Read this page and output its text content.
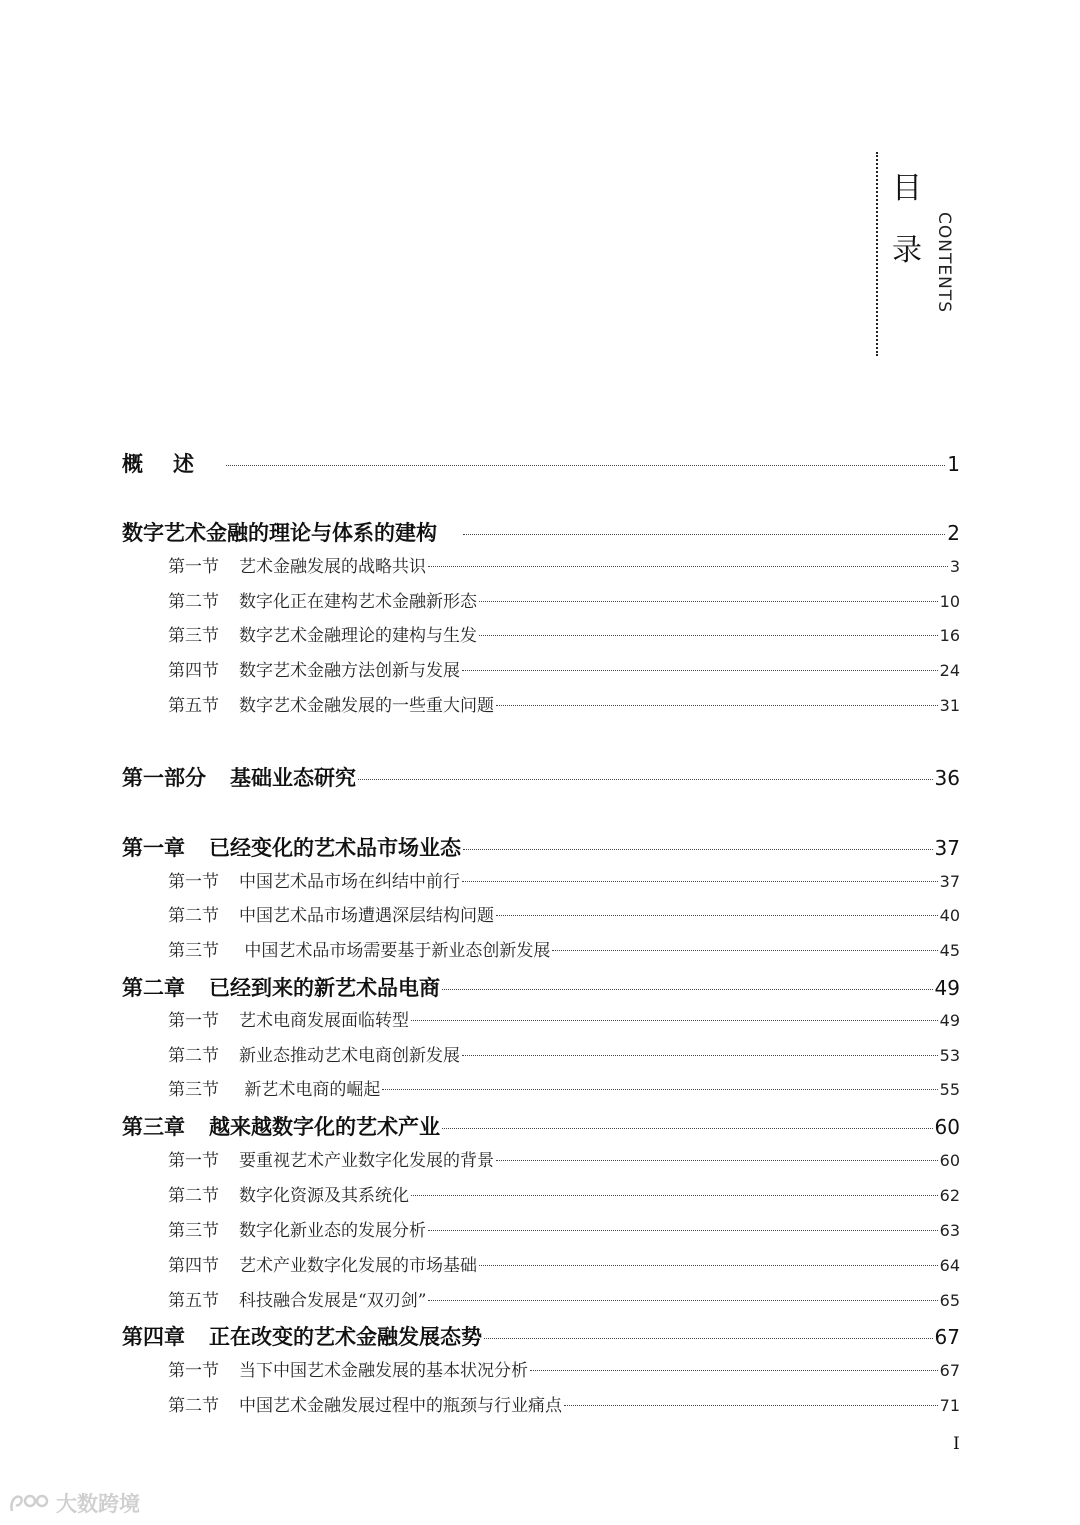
目
录 CONTENTS
概述	1
数字艺术金融的理论与体系的建构	2
第一节 艺术金融发展的战略共识	3
第二节 数字化正在建构艺术金融新形态	10
第三节 数字艺术金融理论的建构与生发	16
第四节 数字艺术金融方法创新与发展	24
第五节 数字艺术金融发展的一些重大问题	31
第一部分 基础业态研究	36
第一章 已经变化的艺术品市场业态	37
第一节 中国艺术品市场在纠结中前行	37
第二节 中国艺术品市场遭遇深层结构问题	40
第三节 中国艺术品市场需要基于新业态创新发展	45
第二章 已经到来的新艺术品电商	49
第一节 艺术电商发展面临转型	49
第二节 新业态推动艺术电商创新发展	53
第三节 新艺术电商的崛起	55
第三章 越来越数字化的艺术产业	60
第一节 要重视艺术产业数字化发展的背景	60
第二节 数字化资源及其系统化	62
第三节 数字化新业态的发展分析	63
第四节 艺术产业数字化发展的市场基础	64
第五节 科技融合发展是“双刃剑”	65
第四章 正在改变的艺术金融发展态势	67
第一节 当下中国艺术金融发展的基本状况分析	67
第二节 中国艺术金融发展过程中的瓶颈与行业痛点	71
I
大数跨境
